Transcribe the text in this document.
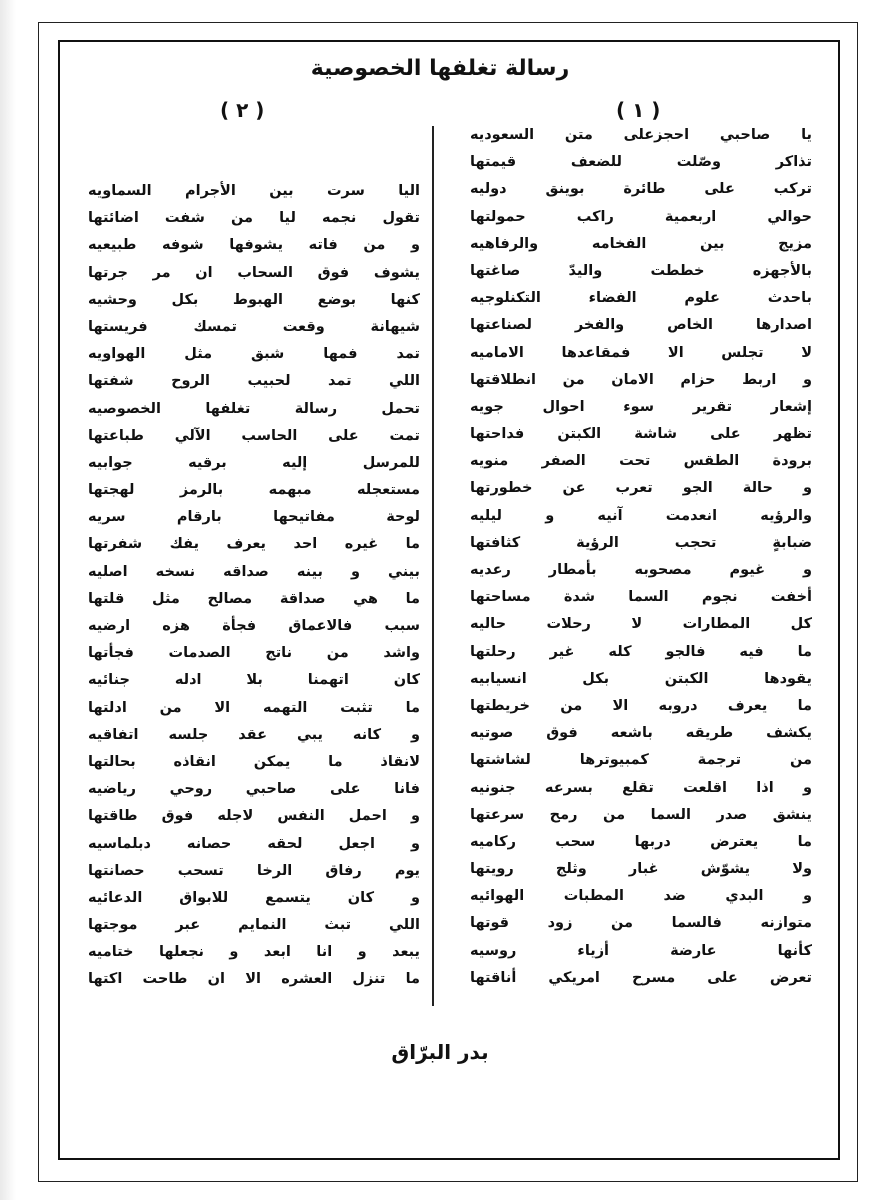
رسالة تغلفها الخصوصية
( ١ )
( ٢ )
يا صاحبي احجزعلى متن السعوديه
تذاكر وصّلت للضعف قيمتها
تركب على طائرة بوينق دوليه
حوالي اربعمية راكب حمولتها
مزيج بين الفخامه والرفاهيه
بالأجهزه خططت واليدّ صاغتها
باحدث علوم الفضاء التكنلوجيه
اصدارها الخاص والفخر لصناعتها
لا تجلس الا فمقاعدها الاماميه
و اربط حزام الامان من انطلاقتها
إشعار تقرير سوء احوال جويه
تظهر على شاشة الكبتن فداحتها
برودة الطقس تحت الصفر منويه
و حالة الجو تعرب عن خطورتها
والرؤيه انعدمت آنيه و ليليه
ضبابةٍ تحجب الرؤية كثافتها
و غيوم مصحوبه بأمطار رعديه
أخفت نجوم السما شدة مساحتها
كل المطارات لا رحلات حاليه
ما فيه فالجو كله غير رحلتها
يقودها الكبتن بكل انسيابيه
ما يعرف دروبه الا من خريطتها
يكشف طريقه باشعه فوق صوتيه
من ترجمة كمبيوترها لشاشتها
و اذا اقلعت تقلع بسرعه جنونيه
ينشق صدر السما من رمح سرعتها
ما يعترض دربها سحب ركاميه
ولا يشوّش غبار وثلج رويتها
و البدي ضد المطبات الهوائيه
متوازنه فالسما من زود قوتها
كأنها عارضة أزياء روسيه
تعرض على مسرح امريكي أناقتها
اليا سرت بين الأجرام السماويه
تقول نجمه ليا من شفت اضائتها
و من فاته يشوفها شوفه طبيعيه
يشوف فوق السحاب ان مر جرتها
كنها بوضع الهبوط بكل وحشيه
شيهانة وقعت تمسك فريستها
تمد فمها شبق مثل الهواويه
اللي تمد لحبيب الروح شفتها
تحمل رسالة تغلفها الخصوصيه
تمت على الحاسب الآلي طباعتها
للمرسل إليه برقيه جوابيه
مستعجله مبهمه بالرمز لهجتها
لوحة مفاتيحها بارقام سريه
ما غيره احد يعرف يفك شفرتها
بيني و بينه صداقه نسخه اصليه
ما هي صداقة مصالح مثل قلتها
سبب فالاعماق فجأة هزه ارضيه
واشد من ناتج الصدمات فجأتها
كان اتهمنا بلا ادله جنائيه
ما تثبت التهمه الا من ادلتها
و كانه يبي عقد جلسه اتفاقيه
لانقاذ ما يمكن انقاذه بحالتها
فانا على صاحبي روحي رياضيه
و احمل النفس لاجله فوق طاقتها
و اجعل لحقه حصانه دبلماسيه
يوم رفاق الرخا تسحب حصانتها
و كان يتسمع للابواق الدعائيه
اللي تبث النمايم عبر موجتها
يبعد و انا ابعد و نجعلها ختاميه
ما تنزل العشره الا ان طاحت اكتها
بدر البرّاق
